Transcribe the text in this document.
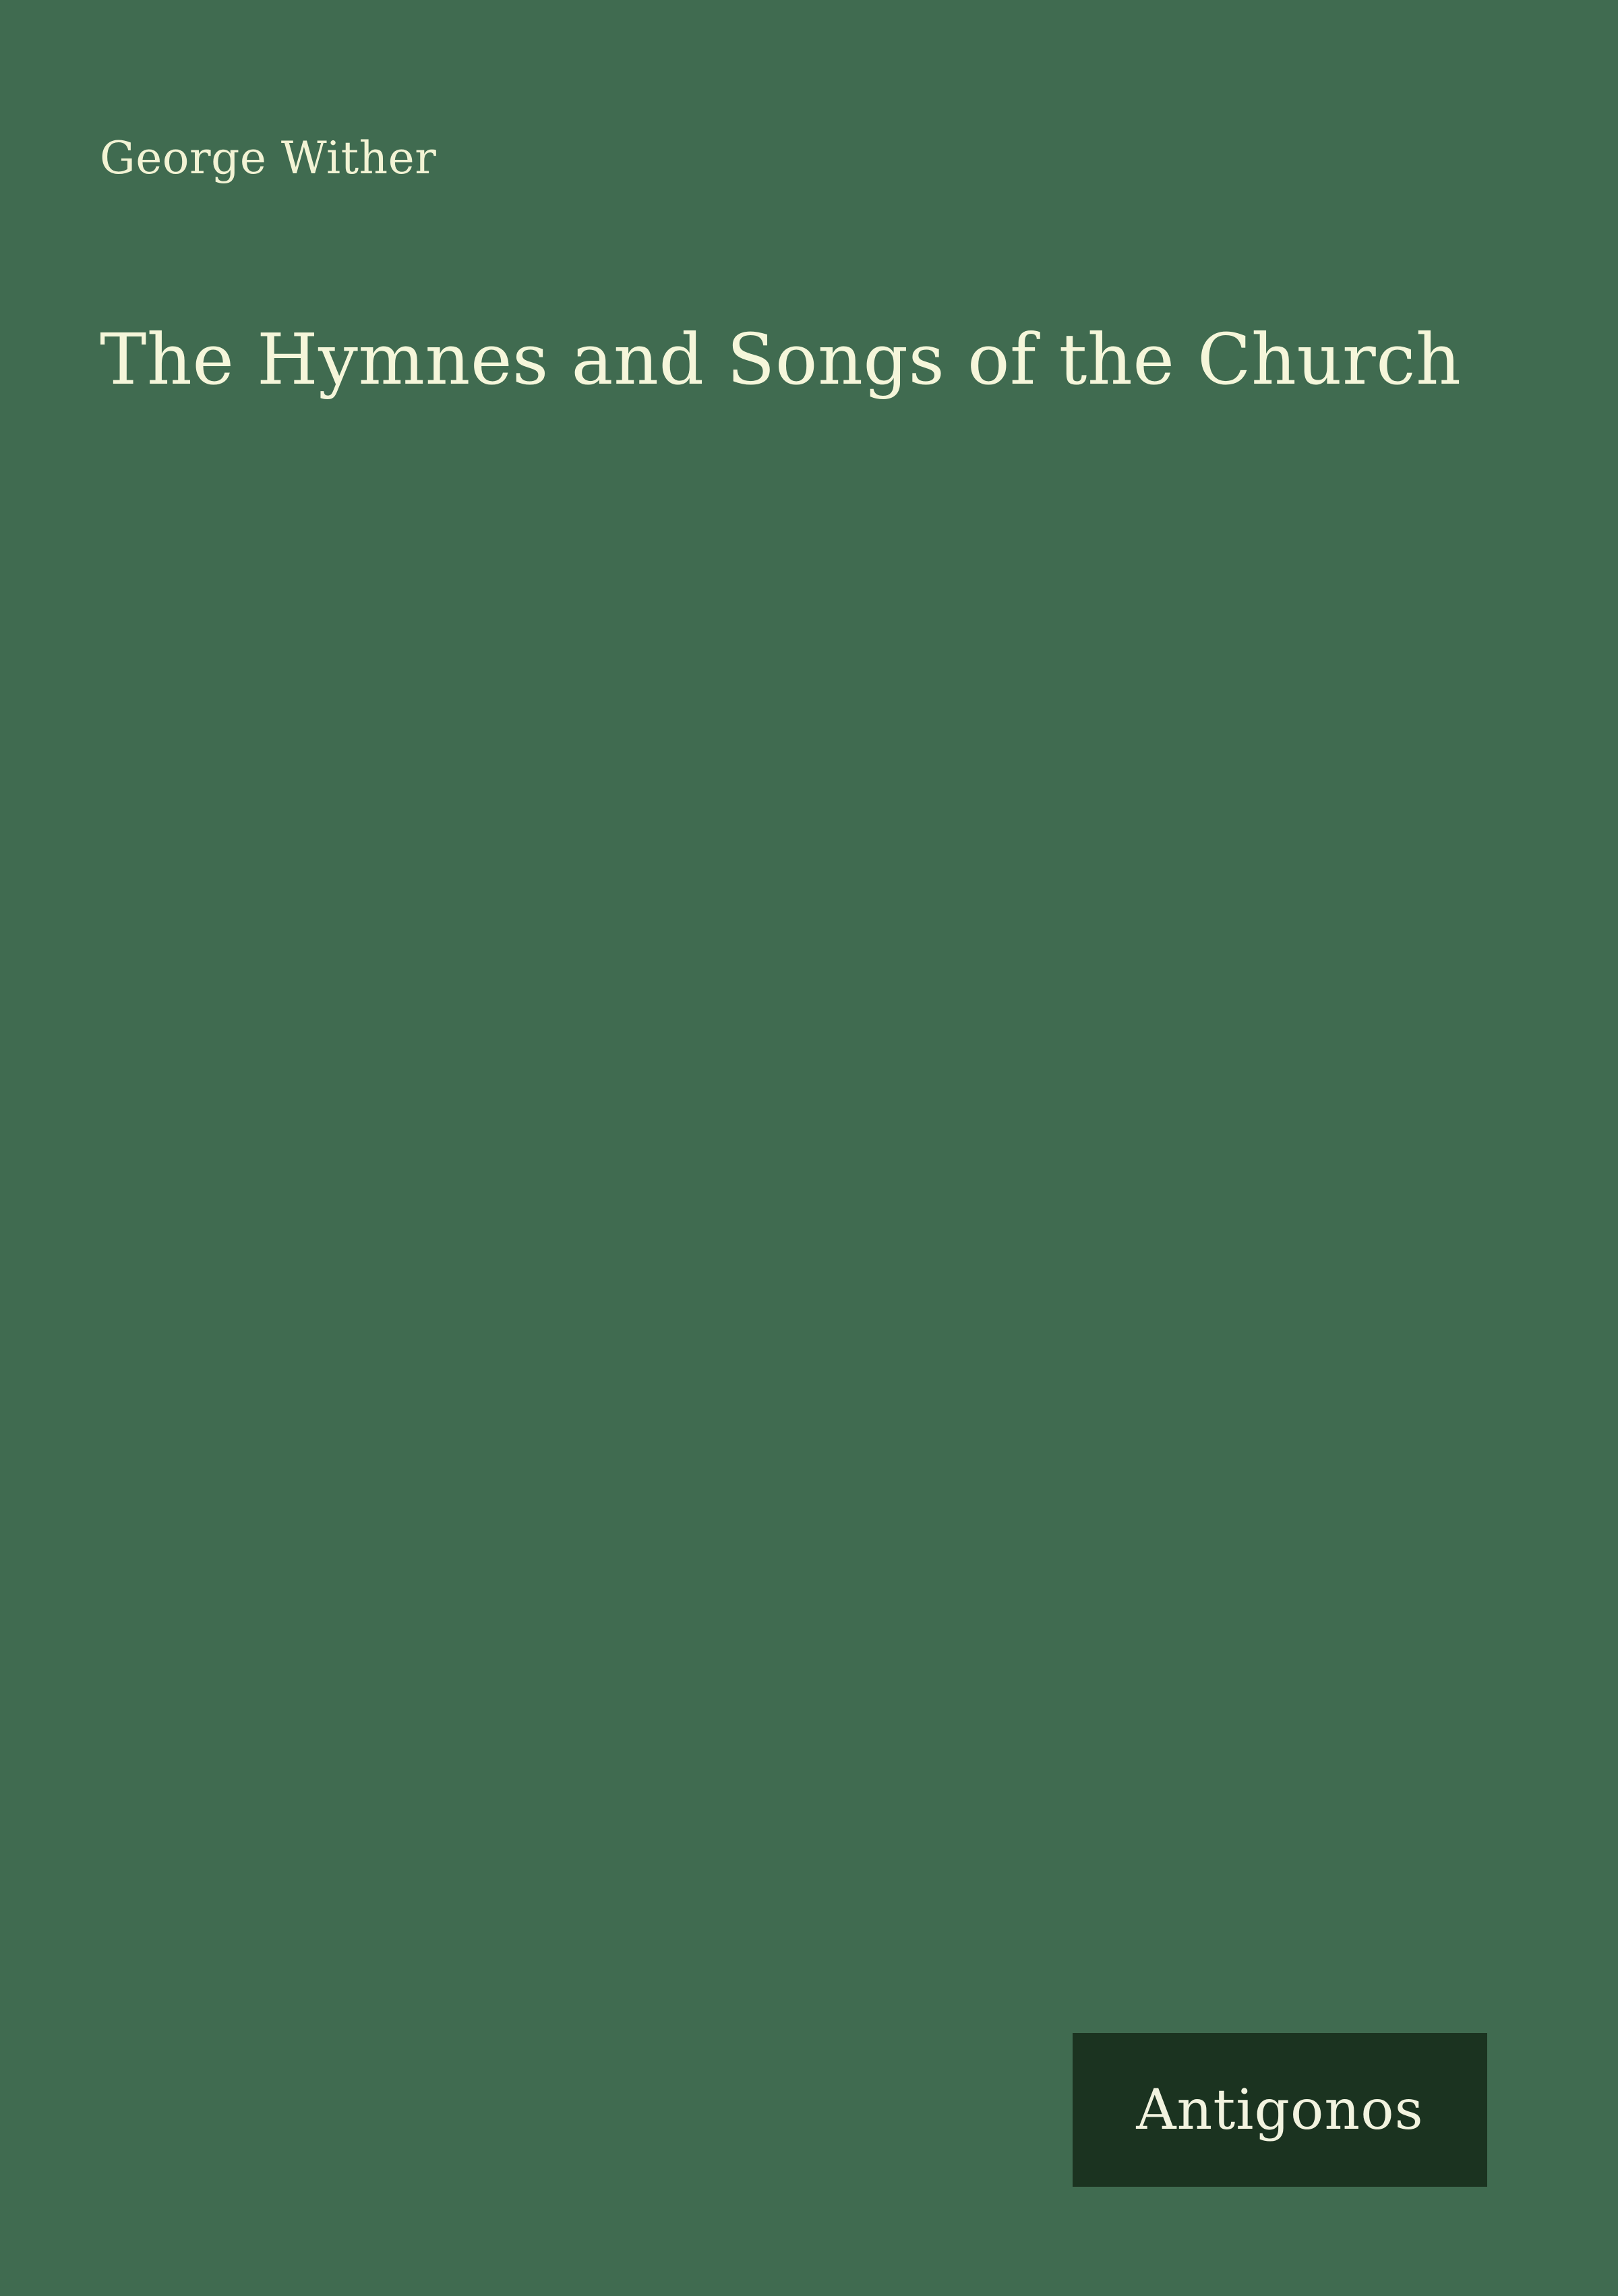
George Wither
The Hymnes and Songs of the Church
Antigonos
